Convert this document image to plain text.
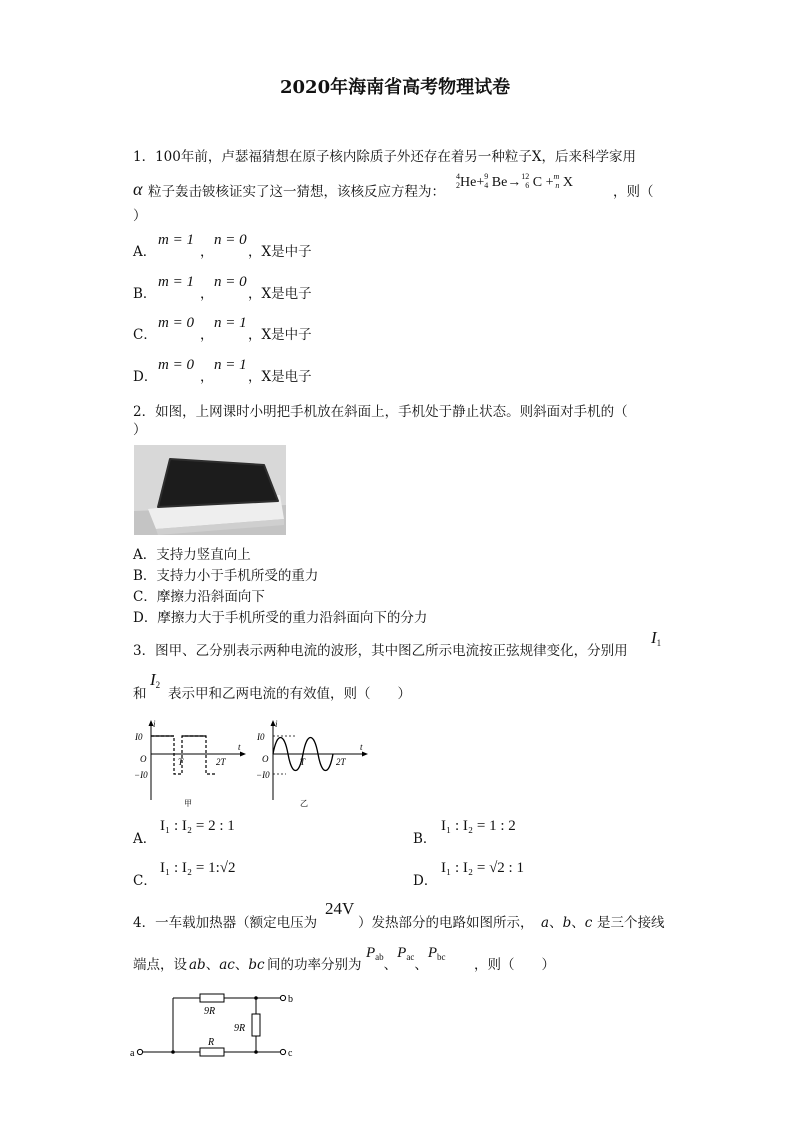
2020年海南省高考物理试卷
1．100年前，卢瑟福猜想在原子核内除质子外还存在着另一种粒子X，后来科学家用
α 粒子轰击铍核证实了这一猜想，该核反应方程为：
4
2He+9
4 Be→12
6 C +m
n X
，则（
）
A．
m = 1
，
n = 0
，X是中子
B．
m = 1
，
n = 0
，X是电子
C．
m = 0
，
n = 1
，X是中子
D．
m = 0
，
n = 1
，X是电子
2．如图，上网课时小明把手机放在斜面上，手机处于静止状态。则斜面对手机的（
）
A．支持力竖直向上
B．支持力小于手机所受的重力
C．摩擦力沿斜面向下
D．摩擦力大于手机所受的重力沿斜面向下的分力
3．图甲、乙分别表示两种电流的波形，其中图乙所示电流按正弦规律变化，分别用
$I_1$
和
$I_2$
表示甲和乙两电流的有效值，则（　　）
i
I0
O
−I0
T	2T
t
甲
i
I0
O
−I0
T	2T
t
乙
A．
I₁ : I₂ = 2 : 1
B．
I₁ : I₂ = 1 : 2
C．
I₁ : I₂ = 1:√2
D．
I₁ : I₂ = √2 : 1
4．一车载加热器（额定电压为
24V
）发热部分的电路如图所示， a、b、c 是三个接线
端点，设 ab、ac、bc 间的功率分别为
$P_{ab、}P_{ac、}P_{bc}$ ，则（　　）
9R
9R
R
a
b
c
